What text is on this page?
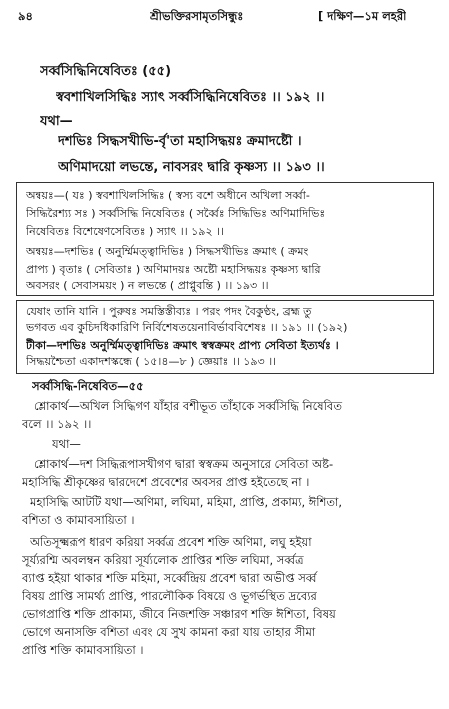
৯৪	শ্রীভক্তিরসামৃতসিন্ধুঃ	[ দক্ষিণ—১ম লহরী
সর্ব্বসিদ্ধিনিষেবিতঃ (৫৫)
স্ববশাখিলসিদ্ধিঃ স্যাৎ সর্ব্বসিদ্ধিনিষেবিতঃ ।। ১৯২ ।।
যথা—
দশভিঃ সিদ্ধসখীভি-র্বৃ'তা মহাসিদ্ধয়ঃ ক্রমাদষ্টৌ ।
অণিমাদয়ো লভন্তে, নাবসরং দ্বারি কৃষ্ণস্য ।। ১৯৩ ।।
অন্বয়ঃ—( যঃ ) স্ববশাখিলসিদ্ধিঃ ( স্বস্য বশে অধীনে অখিলা সর্ব্বা-
সিদ্ধিরৈশ্য্য সঃ ) সর্ব্বসিদ্ধি নিষেবিতঃ ( সর্ব্বৈঃ সিদ্ধিভিঃ অণিমাদিভিঃ
নিষেবিতঃ বিশেষেণসেবিতঃ ) স্যাৎ ।। ১৯২ ।।
অন্বয়ঃ—দশভিঃ ( অনুর্ম্মিমত্ত্বাদিভিঃ ) সিদ্ধসখীভিঃ ক্রমাৎ ( ক্রমং
প্রাপ্য ) বৃতাঃ ( সেবিতাঃ ) অণিমাদয়ঃ অষ্টৌ মহাসিদ্ধয়ঃ কৃষ্ণস্য দ্বারি
অবসরং ( সেবাসময়ং ) ন লভন্তে ( প্রাপ্নুবন্তি ) ।। ১৯৩ ।।
যেষাং তানি যানি । পুরুষঃ সমস্তিস্তীব্যঃ । পরং পদং বৈকুণ্ঠং, ব্রহ্ম তু
ভগবত এব কুচিদধিকারিণি নির্বিশেষতয়েনাবির্ভাববিশেষঃ ।। ১৯১ ।। (১৯২)
টীকা—দশভিঃ অনুর্ম্মিমত্ত্বাদিভিঃ ক্রমাৎ স্বস্বক্রমং প্রাপ্য সেবিতা ইত্যর্থঃ ।
সিদ্ধয়শ্চৈতা একাদশস্কন্ধে ( ১৫।৪—৮ ) জ্ঞেয়াঃ ।। ১৯৩ ।।
সর্ব্বসিদ্ধি-নিষেবিত—৫৫
শ্লোকার্থ—অখিল সিদ্ধিগণ যাঁহার বশীভূত তাঁহাকে সর্ব্বসিদ্ধি নিষেবিত
বলে ।। ১৯২ ।।
যথা—
শ্লোকার্থ—দশ সিদ্ধিরূপাসখীগণ দ্বারা স্বস্বক্রম অনুসারে সেবিতা অষ্ট-
মহাসিদ্ধি শ্রীকৃষ্ণের দ্বারদেশে প্রবেশের অবসর প্রাপ্ত হইতেছে না ।
মহাসিদ্ধি আটটি যথা—অণিমা, লঘিমা, মহিমা, প্রাপ্তি, প্রকাম্য, ঈশিতা,
বশিতা ও কামাবসায়িতা ।
অতিসূক্ষ্মরূপ ধারণ করিয়া সর্ব্বত্র প্রবেশ শক্তি অণিমা, লঘু হইয়া
সূর্য্যরশ্মি অবলম্বন করিয়া সূর্য্যলোক প্রাপ্তির শক্তি লঘিমা, সর্ব্বত্র
ব্যাপ্ত হইয়া থাকার শক্তি মহিমা, সর্ব্বেন্দ্রিয় প্রবেশ দ্বারা অভীপ্ত সর্ব্ব
বিষয় প্রাপ্তি সামর্থ্য প্রাপ্তি, পারলৌকিক বিষয়ে ও ভূগর্ভস্থিত দ্রব্যের
ভোগপ্রাপ্তি শক্তি প্রাকাম্য, জীবে নিজশক্তি সঞ্চারণ শক্তি ঈশিতা, বিষয়
ভোগে অনাসক্তি বশিতা এবং যে সুখ কামনা করা যায় তাহার সীমা
প্রাপ্তি শক্তি কামাবসায়িতা ।
